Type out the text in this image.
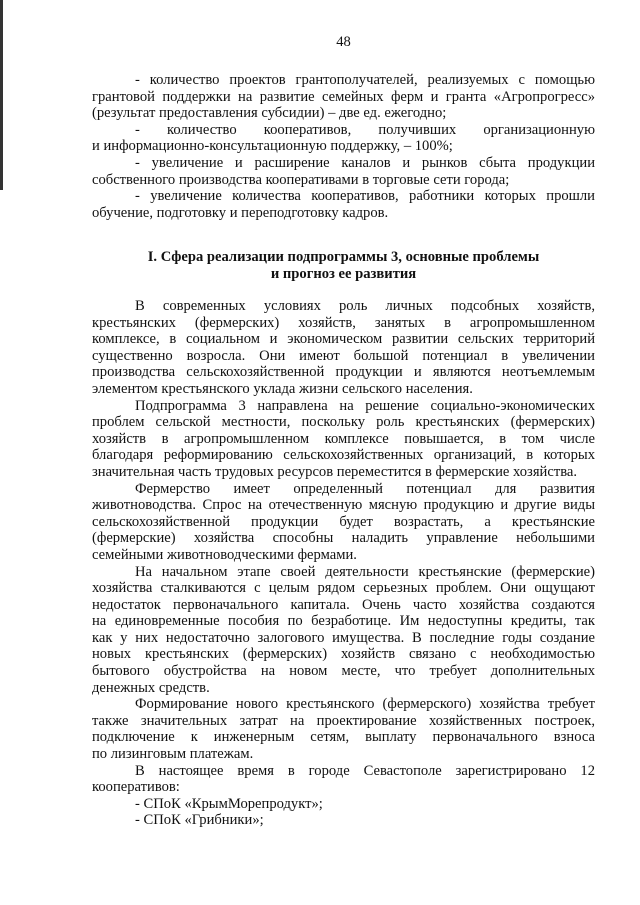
48
- количество проектов грантополучателей, реализуемых с помощью
грантовой поддержки на развитие семейных ферм и гранта «Агропрогресс»
(результат предоставления субсидии) – две ед. ежегодно;
- количество кооперативов, получивших организационную
и информационно-консультационную поддержку, – 100%;
- увеличение и расширение каналов и рынков сбыта продукции
собственного производства кооперативами в торговые сети города;
- увеличение количества кооперативов, работники которых прошли
обучение, подготовку и переподготовку кадров.
I. Сфера реализации подпрограммы 3, основные проблемы
и прогноз ее развития
В современных условиях роль личных подсобных хозяйств,
крестьянских (фермерских) хозяйств, занятых в агропромышленном
комплексе, в социальном и экономическом развитии сельских территорий
существенно возросла. Они имеют большой потенциал в увеличении
производства сельскохозяйственной продукции и являются неотъемлемым
элементом крестьянского уклада жизни сельского населения.
Подпрограмма 3 направлена на решение социально-экономических
проблем сельской местности, поскольку роль крестьянских (фермерских)
хозяйств в агропромышленном комплексе повышается, в том числе
благодаря реформированию сельскохозяйственных организаций, в которых
значительная часть трудовых ресурсов переместится в фермерские хозяйства.
Фермерство имеет определенный потенциал для развития
животноводства. Спрос на отечественную мясную продукцию и другие виды
сельскохозяйственной продукции будет возрастать, а крестьянские
(фермерские) хозяйства способны наладить управление небольшими
семейными животноводческими фермами.
На начальном этапе своей деятельности крестьянские (фермерские)
хозяйства сталкиваются с целым рядом серьезных проблем. Они ощущают
недостаток первоначального капитала. Очень часто хозяйства создаются
на единовременные пособия по безработице. Им недоступны кредиты, так
как у них недостаточно залогового имущества. В последние годы создание
новых крестьянских (фермерских) хозяйств связано с необходимостью
бытового обустройства на новом месте, что требует дополнительных
денежных средств.
Формирование нового крестьянского (фермерского) хозяйства требует
также значительных затрат на проектирование хозяйственных построек,
подключение к инженерным сетям, выплату первоначального взноса
по лизинговым платежам.
В настоящее время в городе Севастополе зарегистрировано 12
кооперативов:
- СПоК «КрымМорепродукт»;
- СПоК «Грибники»;
